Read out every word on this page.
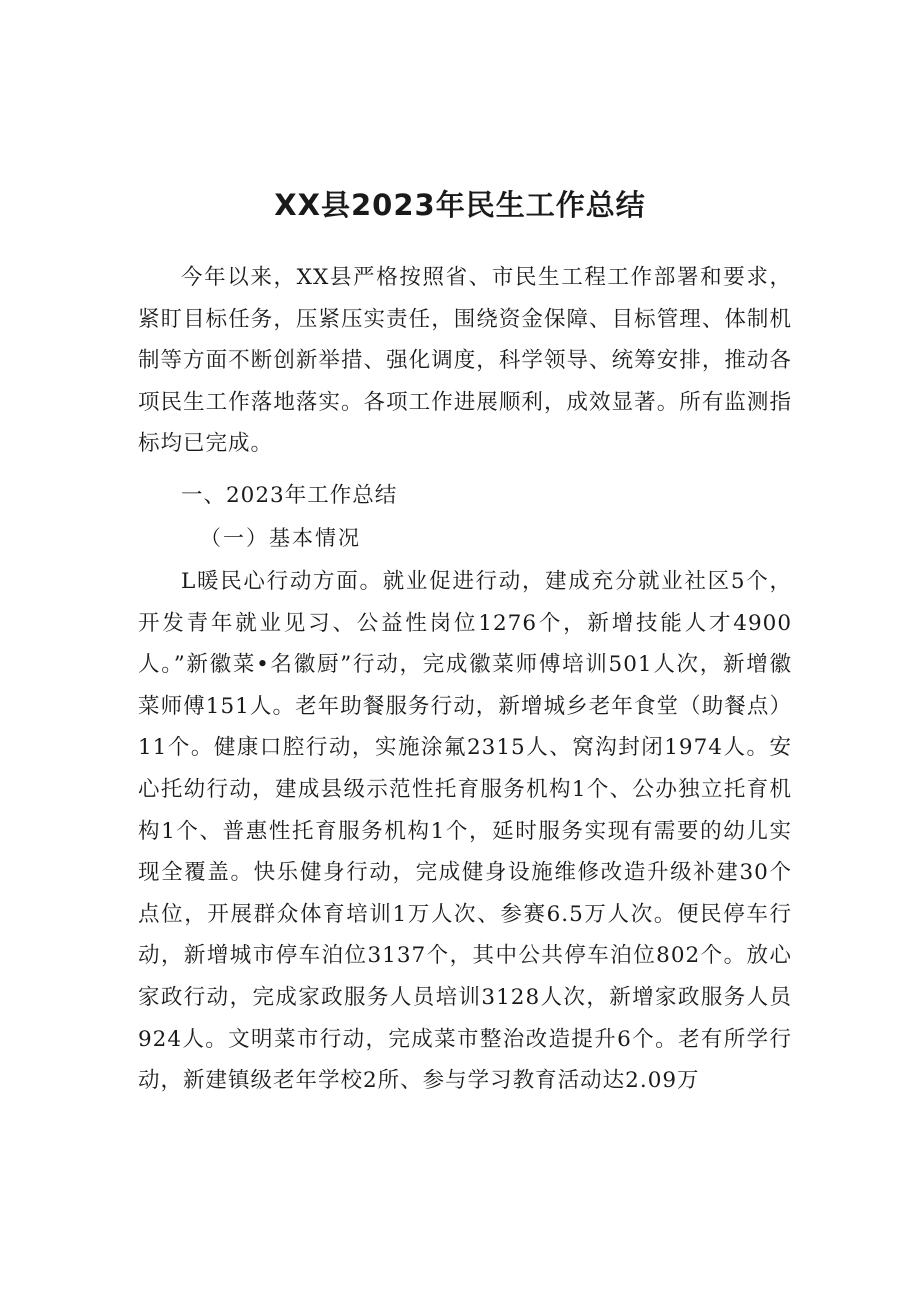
XX县2023年民生工作总结

今年以来，XX县严格按照省、市民生工程工作部署和要求，紧盯目标任务，压紧压实责任，围绕资金保障、目标管理、体制机制等方面不断创新举措、强化调度，科学领导、统筹安排，推动各项民生工作落地落实。各项工作进展顺利，成效显著。所有监测指标均已完成。

一、2023年工作总结

（一）基本情况

L暖民心行动方面。就业促进行动，建成充分就业社区5个，开发青年就业见习、公益性岗位1276个，新增技能人才4900人。”新徽菜•名徽厨”行动，完成徽菜师傅培训501人次，新增徽菜师傅151人。老年助餐服务行动，新增城乡老年食堂（助餐点）11个。健康口腔行动，实施涂氟2315人、窝沟封闭1974人。安心托幼行动，建成县级示范性托育服务机构1个、公办独立托育机构1个、普惠性托育服务机构1个，延时服务实现有需要的幼儿实现全覆盖。快乐健身行动，完成健身设施维修改造升级补建30个点位，开展群众体育培训1万人次、参赛6.5万人次。便民停车行动，新增城市停车泊位3137个，其中公共停车泊位802个。放心家政行动，完成家政服务人员培训3128人次，新增家政服务人员924人。文明菜市行动，完成菜市整治改造提升6个。老有所学行动，新建镇级老年学校2所、参与学习教育活动达2.09万
